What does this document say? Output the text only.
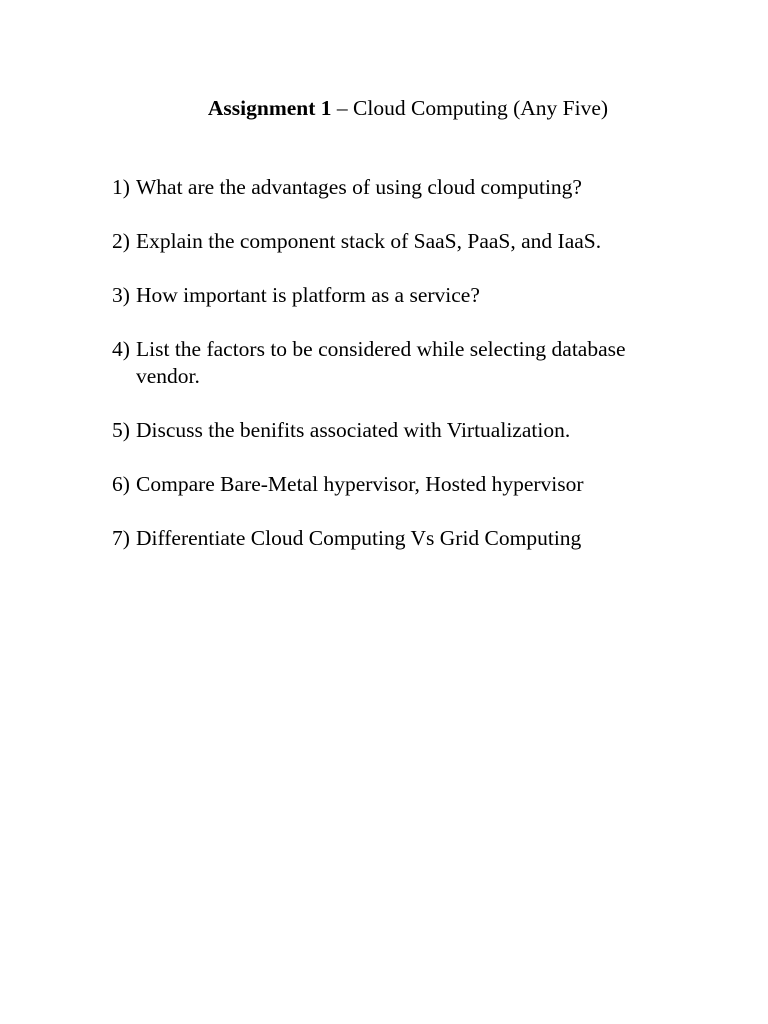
Assignment 1 – Cloud Computing (Any Five)
1) What are the advantages of using cloud computing?
2) Explain the component stack of SaaS, PaaS, and IaaS.
3) How important is platform as a service?
4) List the factors to be considered while selecting database vendor.
5) Discuss the benifits associated with Virtualization.
6) Compare Bare-Metal hypervisor, Hosted hypervisor
7) Differentiate Cloud Computing Vs Grid Computing
